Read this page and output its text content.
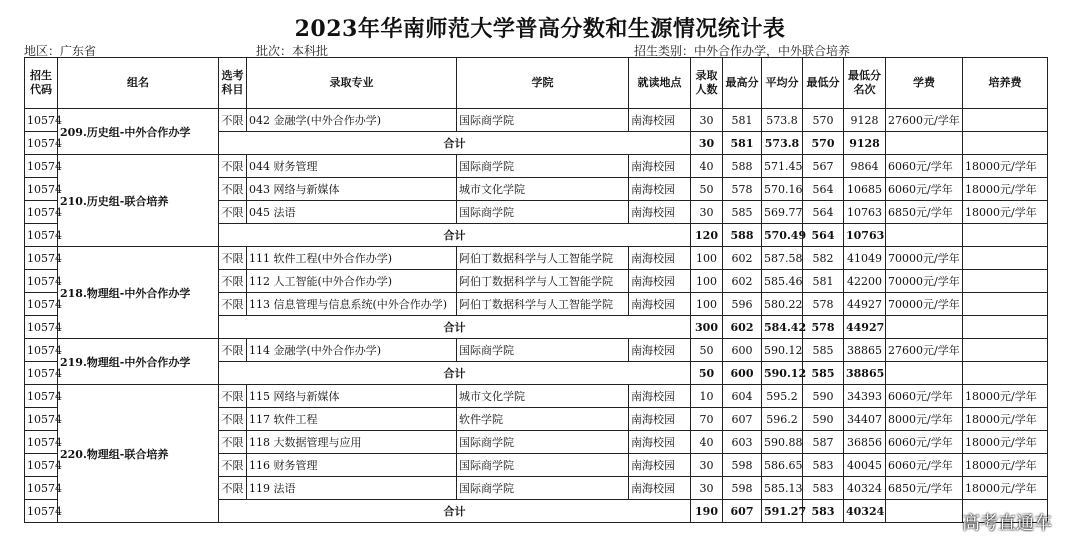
2023年华南师范大学普高分数和生源情况统计表
地区：广东省	批次：本科批	招生类别：中外合作办学，中外联合培养
招生代码	组名	选考科目	录取专业	学院	就读地点	录取人数	最高分	平均分	最低分	最低分名次	学费	培养费
10574	209.历史组-中外合作办学	不限	042 金融学(中外合作办学)	国际商学院	南海校园	30	581	573.8	570	9128	27600元/学年	
10574		合计				30	581	573.8	570	9128		
10574	210.历史组-联合培养	不限	044 财务管理	国际商学院	南海校园	40	588	571.45	567	9864	6060元/学年	18000元/学年
10574		不限	043 网络与新媒体	城市文化学院	南海校园	50	578	570.16	564	10685	6060元/学年	18000元/学年
10574		不限	045 法语	国际商学院	南海校园	30	585	569.77	564	10763	6850元/学年	18000元/学年
10574		合计				120	588	570.49	564	10763		
10574	218.物理组-中外合作办学	不限	111 软件工程(中外合作办学)	阿伯丁数据科学与人工智能学院	南海校园	100	602	587.58	582	41049	70000元/学年	
10574		不限	112 人工智能(中外合作办学)	阿伯丁数据科学与人工智能学院	南海校园	100	602	585.46	581	42200	70000元/学年	
10574		不限	113 信息管理与信息系统(中外合作办学)	阿伯丁数据科学与人工智能学院	南海校园	100	596	580.22	578	44927	70000元/学年	
10574		合计				300	602	584.42	578	44927		
10574	219.物理组-中外合作办学	不限	114 金融学(中外合作办学)	国际商学院	南海校园	50	600	590.12	585	38865	27600元/学年	
10574		合计				50	600	590.12	585	38865		
10574	220.物理组-联合培养	不限	115 网络与新媒体	城市文化学院	南海校园	10	604	595.2	590	34393	6060元/学年	18000元/学年
10574		不限	117 软件工程	软件学院	南海校园	70	607	596.2	590	34407	8000元/学年	18000元/学年
10574		不限	118 大数据管理与应用	国际商学院	南海校园	40	603	590.88	587	36856	6060元/学年	18000元/学年
10574		不限	116 财务管理	国际商学院	南海校园	30	598	586.65	583	40045	6060元/学年	18000元/学年
10574		不限	119 法语	国际商学院	南海校园	30	598	585.13	583	40324	6850元/学年	18000元/学年
10574		合计				190	607	591.27	583	40324		
高考直通车
